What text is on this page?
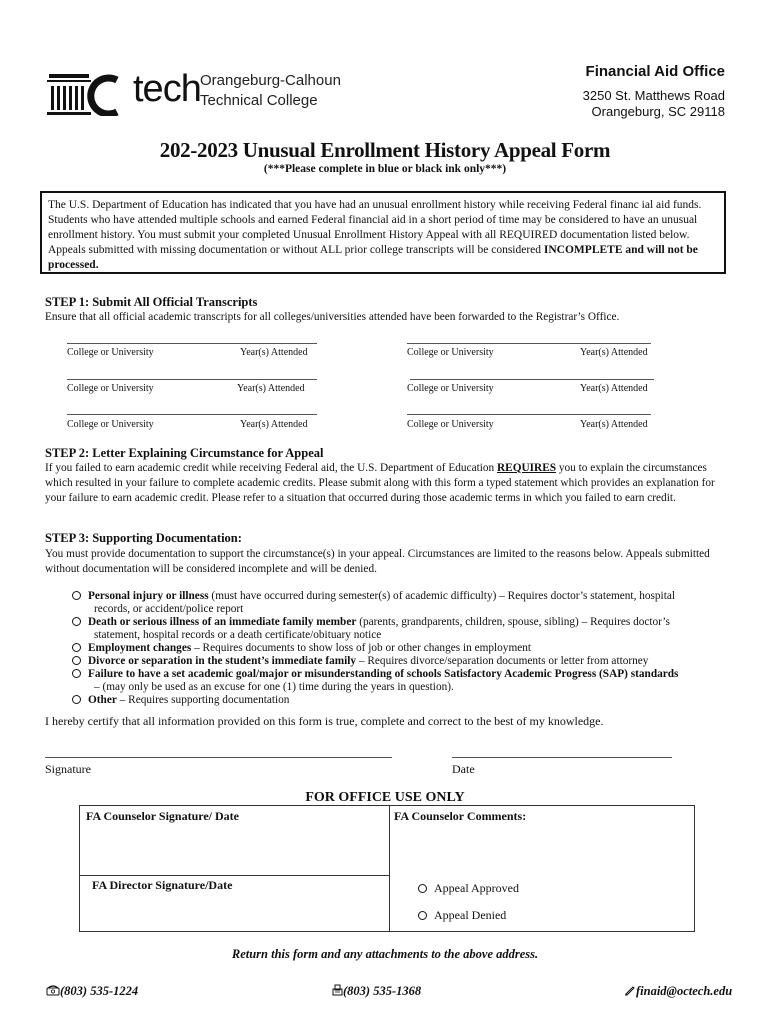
tech Orangeburg-Calhoun
Technical College
Financial Aid Office
3250 St. Matthews Road
Orangeburg, SC 29118
202-2023 Unusual Enrollment History Appeal Form
(***Please complete in blue or black ink only***)
The U.S. Department of Education has indicated that you have had an unusual enrollment history while receiving Federal financ ial aid funds. Students who have attended multiple schools and earned Federal financial aid in a short period of time may be considered to have an unusual enrollment history. You must submit your completed Unusual Enrollment History Appeal with all REQUIRED documentation listed below. Appeals submitted with missing documentation or without ALL prior college transcripts will be considered INCOMPLETE and will not be processed.
STEP 1: Submit All Official Transcripts
Ensure that all official academic transcripts for all colleges/universities attended have been forwarded to the Registrar’s Office.
College or University	Year(s) Attended	College or University	Year(s) Attended
College or University	Year(s) Attended	College or University	Year(s) Attended
College or University	Year(s) Attended	College or University	Year(s) Attended
STEP 2: Letter Explaining Circumstance for Appeal
If you failed to earn academic credit while receiving Federal aid, the U.S. Department of Education REQUIRES you to explain the circumstances which resulted in your failure to complete academic credits. Please submit along with this form a typed statement which provides an explanation for your failure to earn academic credit. Please refer to a situation that occurred during those academic terms in which you failed to earn credit.
STEP 3: Supporting Documentation:
You must provide documentation to support the circumstance(s) in your appeal. Circumstances are limited to the reasons below. Appeals submitted without documentation will be considered incomplete and will be denied.
Personal injury or illness (must have occurred during semester(s) of academic difficulty) – Requires doctor’s statement, hospital
records, or accident/police report
Death or serious illness of an immediate family member (parents, grandparents, children, spouse, sibling) – Requires doctor’s
statement, hospital records or a death certificate/obituary notice
Employment changes – Requires documents to show loss of job or other changes in employment
Divorce or separation in the student’s immediate family – Requires divorce/separation documents or letter from attorney
Failure to have a set academic goal/major or misunderstanding of schools Satisfactory Academic Progress (SAP) standards
– (may only be used as an excuse for one (1) time during the years in question).
Other – Requires supporting documentation
I hereby certify that all information provided on this form is true, complete and correct to the best of my knowledge.
Signature	Date
FOR OFFICE USE ONLY
FA Counselor Signature/ Date	FA Counselor Comments:
FA Director Signature/Date	Appeal Approved
Appeal Denied
Return this form and any attachments to the above address.
(803) 535-1224	(803) 535-1368	finaid@octech.edu
